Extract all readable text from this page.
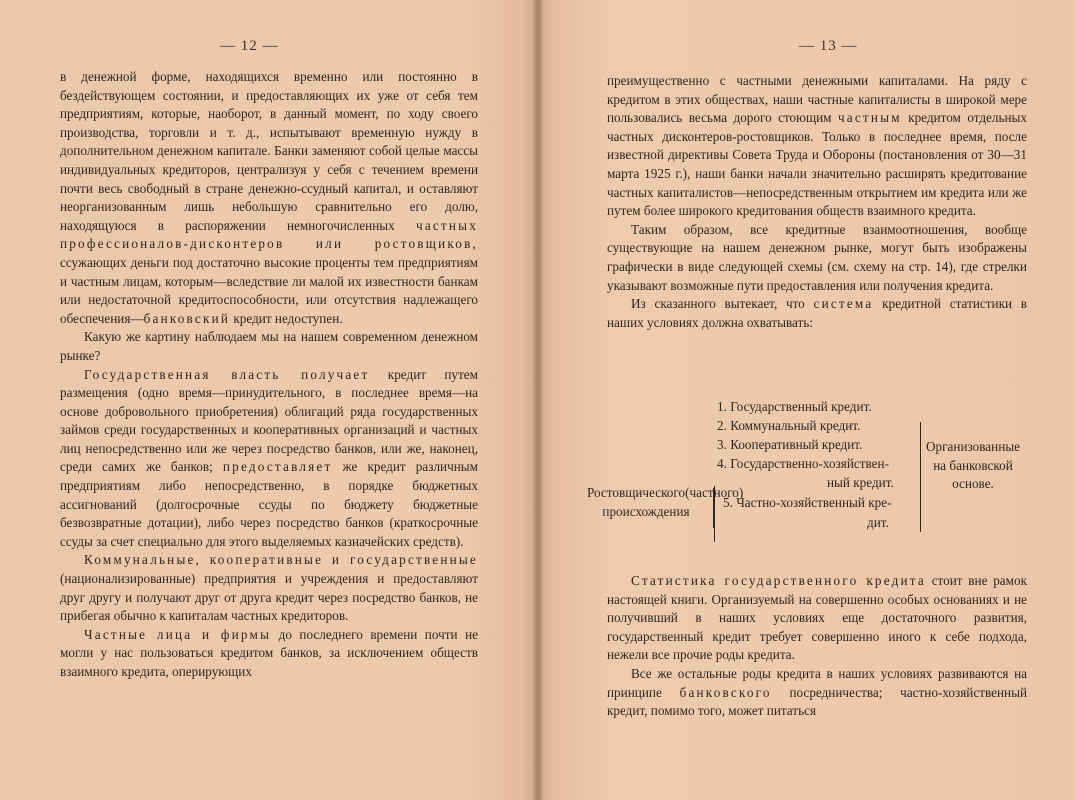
— 12 —

в денежной форме, находящихся временно или постоянно в бездействующем состоянии, и предоставляющих их уже от себя тем предприятиям, которые, наоборот, в данный момент, по ходу своего производства, торговли и т. д., испытывают временную нужду в дополнительном денежном капитале. Банки заменяют собой целые массы индивидуальных кредиторов, централизуя у себя с течением времени почти весь свободный в стране денежно-ссудный капитал, и оставляют неорганизованным лишь небольшую сравнительно его долю, находящуюся в распоряжении немногочисленных частных профессионалов-дисконтеров или ростовщиков, ссужающих деньги под достаточно высокие проценты тем предприятиям и частным лицам, которым—вследствие ли малой их известности банкам или недостаточной кредитоспособности, или отсутствия надлежащего обеспечения—банковский кредит недоступен.

Какую же картину наблюдаем мы на нашем современном денежном рынке?

Государственная власть получает кредит путем размещения (одно время—принудительного, в последнее время—на основе добровольного приобретения) облигаций ряда государственных займов среди государственных и кооперативных организаций и частных лиц непосредственно или же через посредство банков, или же, наконец, среди самих же банков; предоставляет же кредит различным предприятиям либо непосредственно, в порядке бюджетных ассигнований (долгосрочные ссуды по бюджету бюджетные безвозвратные дотации), либо через посредство банков (краткосрочные ссуды за счет специально для этого выделяемых казначейских средств).

Коммунальные, кооперативные и государственные (национализированные) предприятия и учреждения и предоставляют друг другу и получают друг от друга кредит через посредство банков, не прибегая обычно к капиталам частных кредиторов.

Частные лица и фирмы до последнего времени почти не могли у нас пользоваться кредитом банков, за исключением обществ взаимного кредита, оперирующих

— 13 —

преимущественно с частными денежными капиталами. На ряду с кредитом в этих обществах, наши частные капиталисты в широкой мере пользовались весьма дорого стоющим частным кредитом отдельных частных дисконтеров-ростовщиков. Только в последнее время, после известной директивы Совета Труда и Обороны (постановления от 30—31 марта 1925 г.), наши банки начали значительно расширять кредитование частных капиталистов—непосредственным открытием им кредита или же путем более широкого кредитования обществ взаимного кредита.

Таким образом, все кредитные взаимоотношения, вообще существующие на нашем денежном рынке, могут быть изображены графически в виде следующей схемы (см. схему на стр. 14), где стрелки указывают возможные пути предоставления или получения кредита.

Из сказанного вытекает, что система кредитной статистики в наших условиях должна охватывать:

1. Государственный кредит.
2. Коммунальный кредит.
3. Кооперативный кредит.
4. Государственно-хозяйствен-
ный кредит.
5. Частно-хозяйственный кре-
дит.
Организованные на банковской основе.
Ростовщического(частного) происхождения

Статистика государственного кредита стоит вне рамок настоящей книги. Организуемый на совершенно особых основаниях и не получивший в наших условиях еще достаточного развития, государственный кредит требует совершенно иного к себе подхода, нежели все прочие роды кредита.

Все же остальные роды кредита в наших условиях развиваются на принципе банковского посредничества; частно-хозяйственный кредит, помимо того, может питаться
